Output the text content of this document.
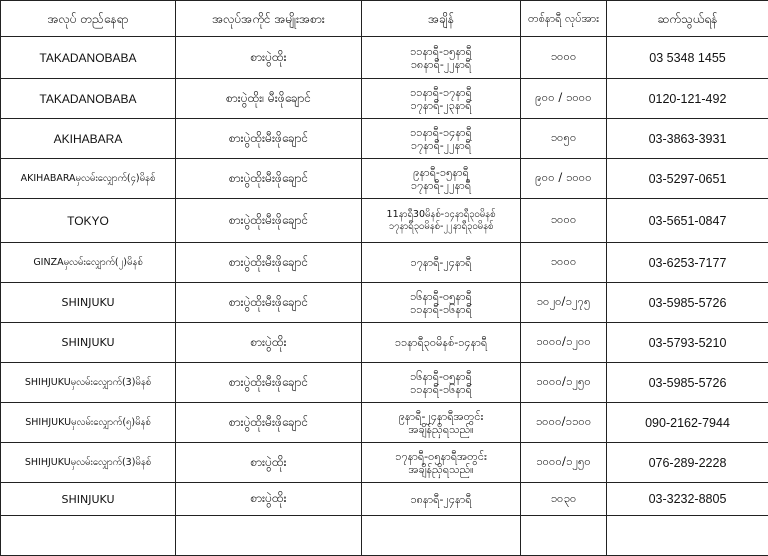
အလုပ် တည်နေရာ	အလုပ်အကိုင် အမျိုးအစား	အချိန်	တစ်နာရီ လုပ်အား	ဆက်သွယ်ရန်
TAKADANOBABA	စားပွဲထိုး	၁၁နာရီ-၁၅နာရီ
၁၈နာရီ-၂၂နာရီ	၁၀၀၀	03 5348 1455
TAKADANOBABA	စားပွဲထိုး၊ မီးဖိုချောင်	၁၁နာရီ-၁၇နာရီ
၁၇နာရီ-၂၃နာရီ	၉၀၀ / ၁၀၀၀	0120-121-492
AKIHABARA	စားပွဲထိုးမီးဖိုချောင်	၁၁နာရီ-၁၄နာရီ
၁၇နာရီ-၂၂နာရီ	၁၀၅၀	03-3863-3931
AKIHABARAမှလမ်းလျှောက်(၄)မိနစ်	စားပွဲထိုးမီးဖိုချောင်	၉နာရီ-၁၅နာရီ
၁၇နာရီ-၂၂နာရီ	၉၀၀ / ၁၀၀၀	03-5297-0651
TOKYO	စားပွဲထိုးမီးဖိုချောင်	11နာရီ30မိနစ်-၁၄နာရီ၃၀မိနစ်
၁၇နာရီ၃၀မိနစ်-၂၂နာရီ၃၀မိနစ်	၁၀၀၀	03-5651-0847
GINZAမှလမ်းလျှောက်(၂)မိနစ်	စားပွဲထိုးမီးဖိုချောင်	၁၇နာရီ-၂၄နာရီ	၁၀၀၀	03-6253-7177
SHINJUKU	စားပွဲထိုးမီးဖိုချောင်	၁၆နာရီ-၀၅နာရီ
၁၁နာရီ-၁၆နာရီ	၁၀၂၀/၁၂၇၅	03-5985-5726
SHINJUKU	စားပွဲထိုး	၁၁နာရီ၃၀မိနစ်-၁၄နာရီ	၁၀၀၀/၁၂၀၀	03-5793-5210
SHIHJUKUမှလမ်းလျှောက်(3)မိနစ်	စားပွဲထိုးမီးဖိုချောင်	၁၆နာရီ-၀၅နာရီ
၁၁နာရီ-၁၆နာရီ	၁၀၀၀/၁၂၅၀	03-5985-5726
SHIHJUKUမှလမ်းလျှောက်(၅)မိနစ်	စားပွဲထိုးမီးဖိုချောင်	၉နာရီ-၂၄နာရီအတွင်း
အချိန်ညှိရသည်။	၁၀၀၀/၁၁၀၀	090-2162-7944
SHIHJUKUမှလမ်းလျှောက်(3)မိနစ်	စားပွဲထိုး	၁၇နာရီ-၀၅နာရီအတွင်း
အချိန်ညှိရသည်။	၁၀၀၀/၁၂၅၀	076-289-2228
SHINJUKU	စားပွဲထိုး	၁၈နာရီ-၂၄နာရီ	၁၀၃၀	03-3232-8805
